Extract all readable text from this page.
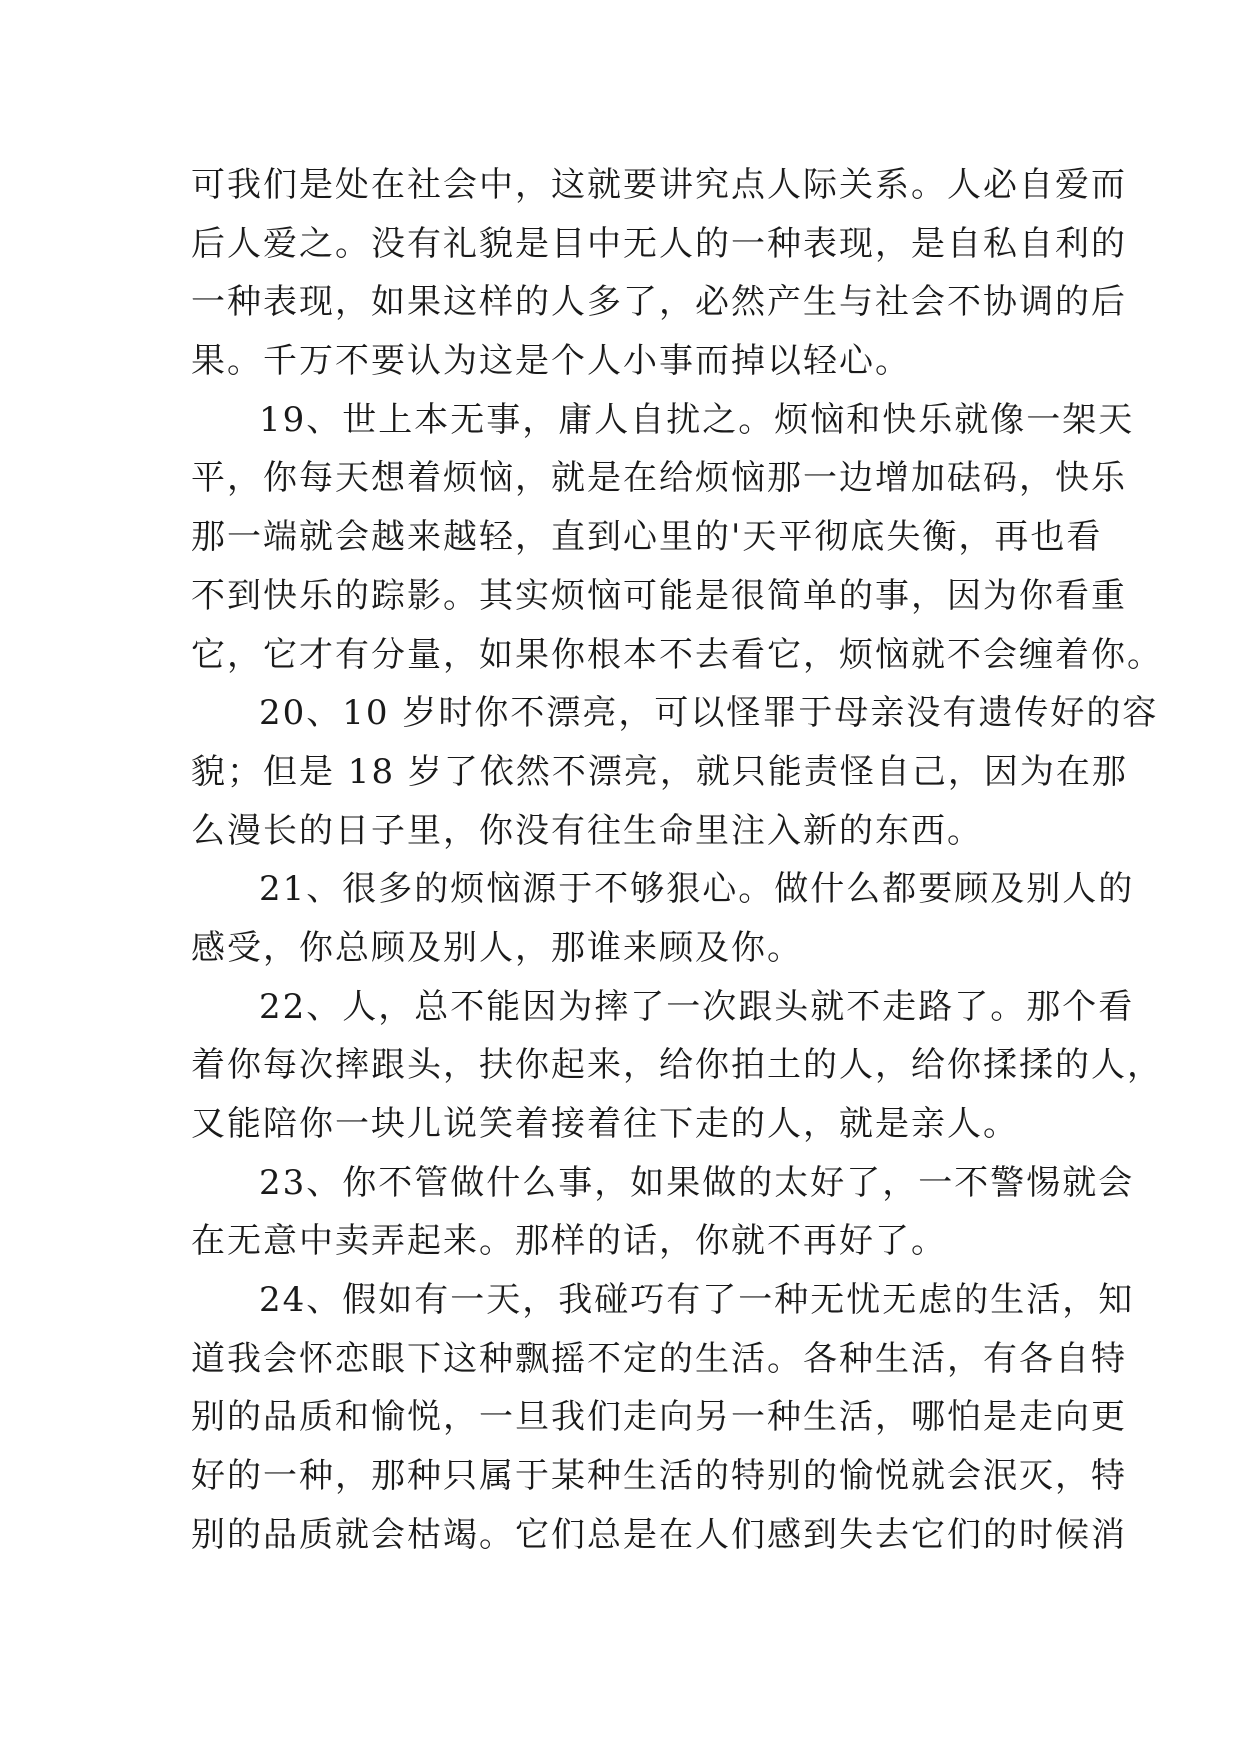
可我们是处在社会中，这就要讲究点人际关系。人必自爱而
后人爱之。没有礼貌是目中无人的一种表现，是自私自利的
一种表现，如果这样的人多了，必然产生与社会不协调的后
果。千万不要认为这是个人小事而掉以轻心。
19、世上本无事，庸人自扰之。烦恼和快乐就像一架天
平，你每天想着烦恼，就是在给烦恼那一边增加砝码，快乐
那一端就会越来越轻，直到心里的'天平彻底失衡，再也看
不到快乐的踪影。其实烦恼可能是很简单的事，因为你看重
它，它才有分量，如果你根本不去看它，烦恼就不会缠着你。
20、10 岁时你不漂亮，可以怪罪于母亲没有遗传好的容
貌；但是 18 岁了依然不漂亮，就只能责怪自己，因为在那
么漫长的日子里，你没有往生命里注入新的东西。
21、很多的烦恼源于不够狠心。做什么都要顾及别人的
感受，你总顾及别人，那谁来顾及你。
22、人，总不能因为摔了一次跟头就不走路了。那个看
着你每次摔跟头，扶你起来，给你拍土的人，给你揉揉的人，
又能陪你一块儿说笑着接着往下走的人，就是亲人。
23、你不管做什么事，如果做的太好了，一不警惕就会
在无意中卖弄起来。那样的话，你就不再好了。
24、假如有一天，我碰巧有了一种无忧无虑的生活，知
道我会怀恋眼下这种飘摇不定的生活。各种生活，有各自特
别的品质和愉悦，一旦我们走向另一种生活，哪怕是走向更
好的一种，那种只属于某种生活的特别的愉悦就会泯灭，特
别的品质就会枯竭。它们总是在人们感到失去它们的时候消
